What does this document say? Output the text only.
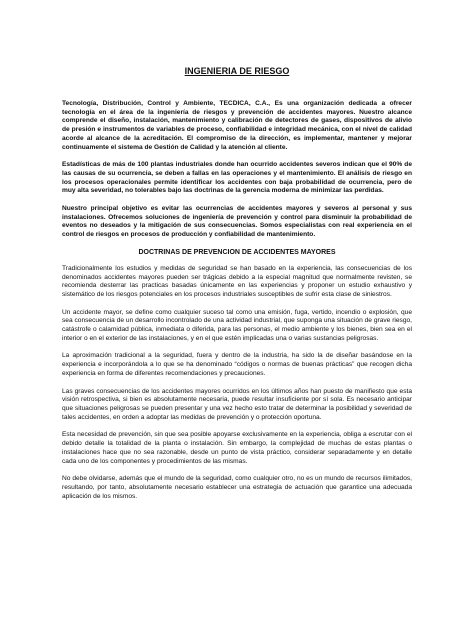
INGENIERIA DE RIESGO
Tecnología, Distribución, Control y Ambiente, TECDICA, C.A., Es una organización dedicada a ofrecer tecnología en el área de la ingeniería de riesgos y prevención de accidentes mayores. Nuestro alcance comprende el diseño, instalación, mantenimiento y calibración de detectores de gases, dispositivos de alivio de presión e instrumentos de variables de proceso, confiabilidad e integridad mecánica, con el nivel de calidad acorde al alcance de la acreditación. El compromiso de la dirección, es implementar, mantener y mejorar continuamente el sistema de Gestión de Calidad y la atención al cliente.
Estadísticas de más de 100 plantas industriales donde han ocurrido accidentes severos indican que el 90% de las causas de su ocurrencia, se deben a fallas en las operaciones y el mantenimiento. El análisis de riesgo en los procesos operacionales permite identificar los accidentes con baja probabilidad de ocurrencia, pero de muy alta severidad, no tolerables bajo las doctrinas de la gerencia moderna de minimizar las perdidas.
Nuestro principal objetivo es evitar las ocurrencias de accidentes mayores y severos al personal y sus instalaciones. Ofrecemos soluciones de ingeniería de prevención y control para disminuir la probabilidad de eventos no deseados y la mitigación de sus consecuencias. Somos especialistas con real experiencia en el control de riesgos en procesos de producción y confiabilidad de mantenimiento.
DOCTRINAS DE PREVENCION DE ACCIDENTES MAYORES
Tradicionalmente los estudios y medidas de seguridad se han basado en la experiencia, las consecuencias de los denominados accidentes mayores pueden ser trágicas debido a la especial magnitud que normalmente revisten, se recomienda desterrar las practicas basadas únicamente en las experiencias y proponer un estudio exhaustivo y sistemático de los riesgos potenciales en los procesos industriales susceptibles de sufrir esta clase de siniestros.
Un accidente mayor, se define como cualquier suceso tal como una emisión, fuga, vertido, incendio o explosión, que sea consecuencia de un desarrollo incontrolado de una actividad industrial, que suponga una situación de grave riesgo, catástrofe o calamidad pública, inmediata o diferida, para las personas, el medio ambiente y los bienes, bien sea en el interior o en el exterior de las instalaciones, y en el que estén implicadas una o varias sustancias peligrosas.
La aproximación tradicional a la seguridad, fuera y dentro de la industria, ha sido la de diseñar basándose en la experiencia e incorporándola a lo que se ha denominado “códigos o normas de buenas prácticas” que recogen dicha experiencia en forma de diferentes recomendaciones y precauciones.
Las graves consecuencias de los accidentes mayores ocurridos en los últimos años han puesto de manifiesto que esta visión retrospectiva, si bien es absolutamente necesaria, puede resultar insuficiente por sí sola. Es necesario anticipar que situaciones peligrosas se pueden presentar y una vez hecho esto tratar de determinar la posibilidad y severidad de tales accidentes, en orden a adoptar las medidas de prevención y o protección oportuna.
Esta necesidad de prevención, sin que sea posible apoyarse exclusivamente en la experiencia, obliga a escrutar con el debido detalle la totalidad de la planta o instalación. Sin embargo, la complejidad de muchas de estas plantas o instalaciones hace que no sea razonable, desde un punto de vista práctico, considerar separadamente y en detalle cada uno de los componentes y procedimientos de las mismas.
No debe olvidarse, además que el mundo de la seguridad, como cualquier otro, no es un mundo de recursos ilimitados, resultando, por tanto, absolutamente necesario establecer una estrategia de actuación que garantice una adecuada aplicación de los mismos.
